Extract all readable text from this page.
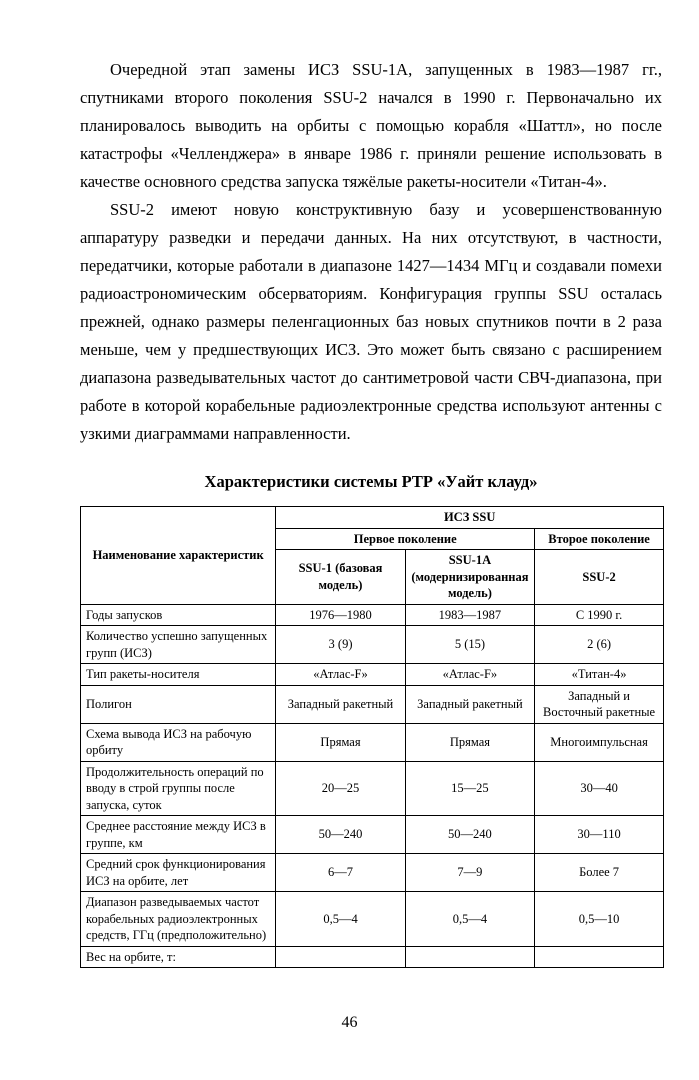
Очередной этап замены ИСЗ SSU-1А, запущенных в 1983—1987 гг., спутниками второго поколения SSU-2 начался в 1990 г. Первоначально их планировалось выводить на орбиты с помощью корабля «Шаттл», но после катастрофы «Челленджера» в январе 1986 г. приняли решение использовать в качестве основного средства запуска тяжёлые ракеты-носители «Титан-4».

SSU-2 имеют новую конструктивную базу и усовершенствованную аппаратуру разведки и передачи данных. На них отсутствуют, в частности, передатчики, которые работали в диапазоне 1427—1434 МГц и создавали помехи радиоастрономическим обсерваториям. Конфигурация группы SSU осталась прежней, однако размеры пеленгационных баз новых спутников почти в 2 раза меньше, чем у предшествующих ИСЗ. Это может быть связано с расширением диапазона разведывательных частот до сантиметровой части СВЧ-диапазона, при работе в которой корабельные радиоэлектронные средства используют антенны с узкими диаграммами направленности.

Характеристики системы РТР «Уайт клауд»
Наименование характеристик	ИСЗ SSU		
	Первое поколение		Второе поколение
	SSU-1 (базовая модель)	SSU-1А (модернизированная модель)	SSU-2
Годы запусков	1976—1980	1983—1987	С 1990 г.
Количество успешно запущенных групп (ИСЗ)	3 (9)	5 (15)	2 (6)
Тип ракеты-носителя	«Атлас-F»	«Атлас-F»	«Титан-4»
Полигон	Западный ракетный	Западный ракетный	Западный и Восточный ракетные
Схема вывода ИСЗ на рабочую орбиту	Прямая	Прямая	Многоимпульсная
Продолжительность операций по вводу в строй группы после запуска, суток	20—25	15—25	30—40
Среднее расстояние между ИСЗ в группе, км	50—240	50—240	30—110
Средний срок функционирования ИСЗ на орбите, лет	6—7	7—9	Более 7
Диапазон разведываемых частот корабельных радиоэлектронных средств, ГГц (предположительно)	0,5—4	0,5—4	0,5—10
Вес на орбите, т:			
46
